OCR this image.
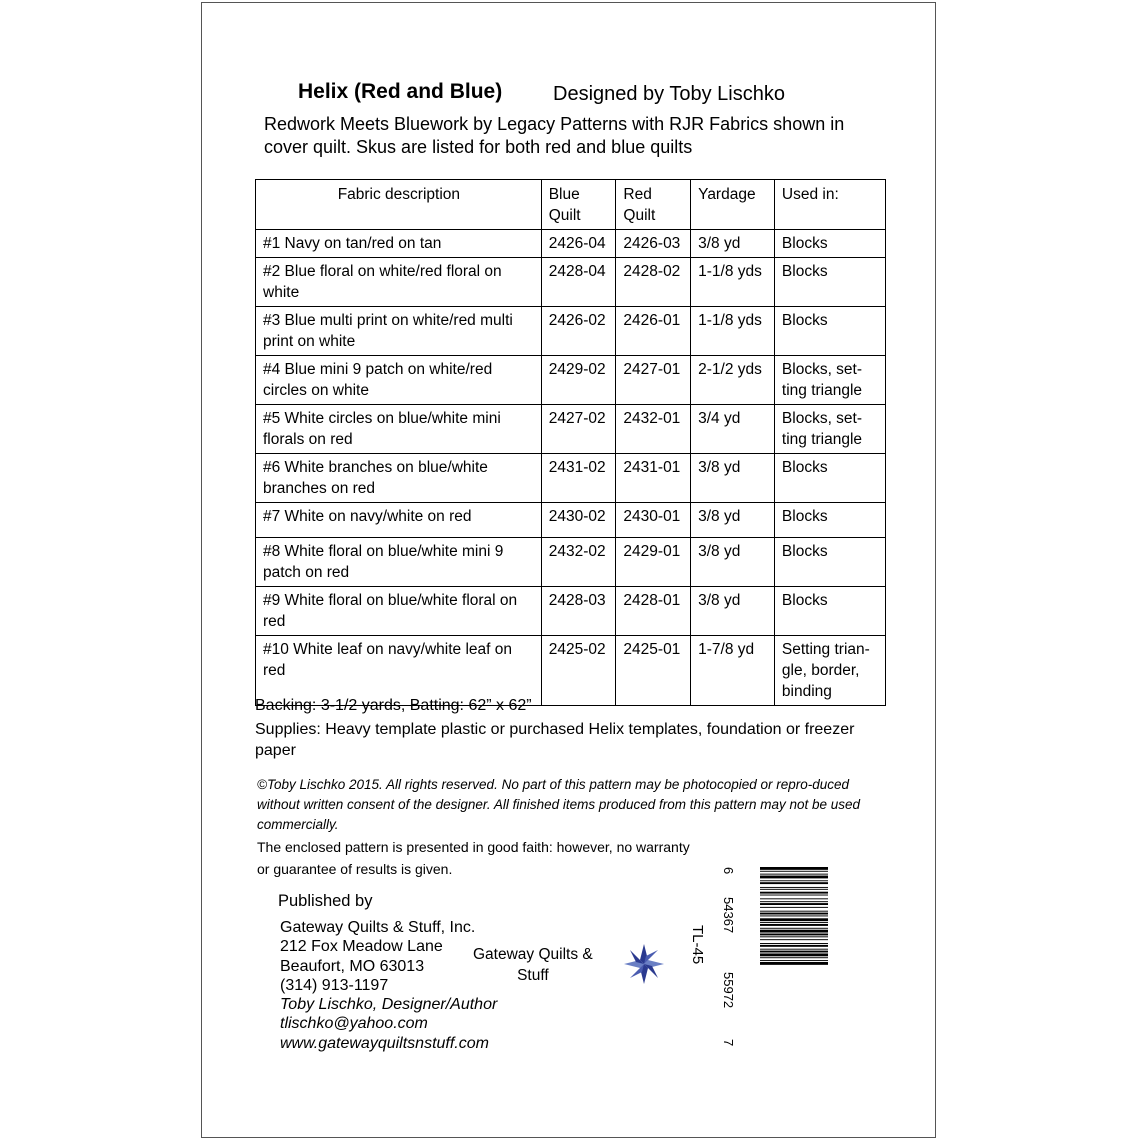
Helix (Red and Blue)	Designed by Toby Lischko
Redwork Meets Bluework by Legacy Patterns with RJR Fabrics shown in cover quilt. Skus are listed for both red and blue quilts
Fabric description	Blue Quilt	Red Quilt	Yardage	Used in:
#1 Navy on tan/red on tan	2426-04	2426-03	3/8 yd	Blocks
#2 Blue floral on white/red floral on white	2428-04	2428-02	1-1/8 yds	Blocks
#3 Blue multi print on white/red multi print on white	2426-02	2426-01	1-1/8 yds	Blocks
#4 Blue mini 9 patch on white/red circles on white	2429-02	2427-01	2-1/2 yds	Blocks, set-ting triangle
#5 White circles on blue/white mini florals on red	2427-02	2432-01	3/4 yd	Blocks, set-ting triangle
#6 White branches on blue/white branches on red	2431-02	2431-01	3/8 yd	Blocks
#7 White on navy/white on red	2430-02	2430-01	3/8 yd	Blocks
#8 White floral on blue/white mini 9 patch on red	2432-02	2429-01	3/8 yd	Blocks
#9 White floral on blue/white floral on red	2428-03	2428-01	3/8 yd	Blocks
#10 White leaf on navy/white leaf on red	2425-02	2425-01	1-7/8 yd	Setting trian-gle, border, binding
Backing: 3-1/2 yards, Batting: 62” x 62”
Supplies: Heavy template plastic or purchased Helix templates, foundation or freezer paper
©Toby Lischko 2015. All rights reserved. No part of this pattern may be photocopied or repro-duced without written consent of the designer. All finished items produced from this pattern may not be used commercially.
The enclosed pattern is presented in good faith: however, no warranty or guarantee of results is given.
Published by
Gateway Quilts & Stuff, Inc.
212 Fox Meadow Lane
Beaufort, MO 63013
(314) 913-1197
Toby Lischko, Designer/Author
tlischko@yahoo.com
www.gatewayquiltsnstuff.com
Gateway Quilts &
Stuff
TL-45
6
54367
55972
7
